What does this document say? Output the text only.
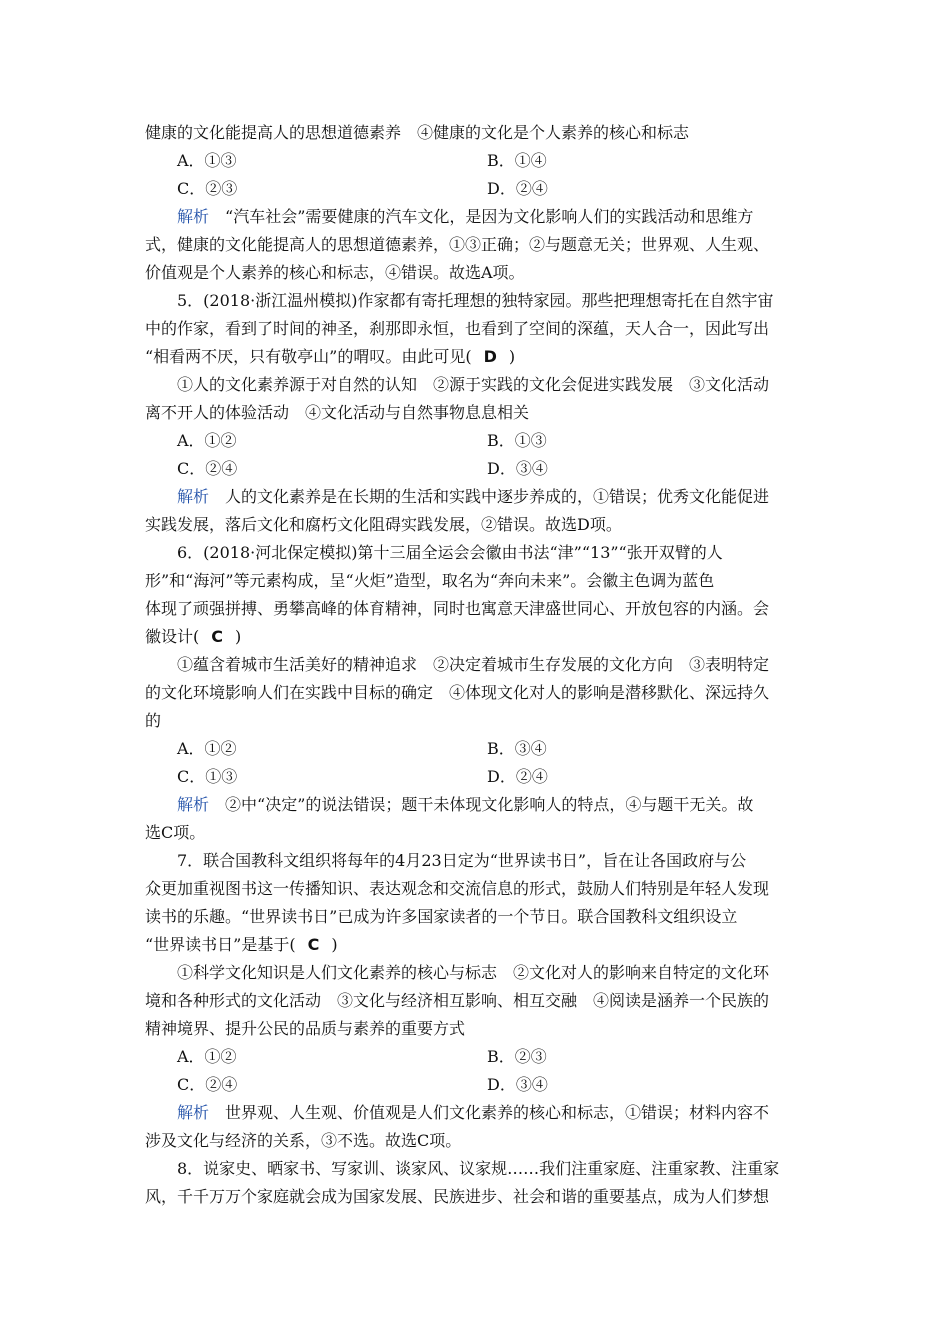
健康的文化能提高人的思想道德素养　④健康的文化是个人素养的核心和标志
A．①③	B．①④
C．②③	D．②④
解析　 “汽车社会”需要健康的汽车文化，是因为文化影响人们的实践活动和思维方
式，健康的文化能提高人的思想道德素养，①③正确；②与题意无关；世界观、人生观、
价值观是个人素养的核心和标志，④错误。故选A项。
5．(2018·浙江温州模拟)作家都有寄托理想的独特家园。那些把理想寄托在自然宇宙
中的作家，看到了时间的神圣，刹那即永恒，也看到了空间的深蕴，天人合一，因此写出
“相看两不厌，只有敬亭山”的喟叹。由此可见( D )
①人的文化素养源于对自然的认知　②源于实践的文化会促进实践发展　③文化活动
离不开人的体验活动　④文化活动与自然事物息息相关
A．①②	B．①③
C．②④	D．③④
解析　 人的文化素养是在长期的生活和实践中逐步养成的，①错误；优秀文化能促进
实践发展，落后文化和腐朽文化阻碍实践发展，②错误。故选D项。
6．(2018·河北保定模拟)第十三届全运会会徽由书法“津”“13”“张开双臂的人
形”和“海河”等元素构成，呈“火炬”造型，取名为“奔向未来”。会徽主色调为蓝色
体现了顽强拼搏、勇攀高峰的体育精神，同时也寓意天津盛世同心、开放包容的内涵。会
徽设计( C )
①蕴含着城市生活美好的精神追求　②决定着城市生存发展的文化方向　③表明特定
的文化环境影响人们在实践中目标的确定　④体现文化对人的影响是潜移默化、深远持久
的
A．①②	B．③④
C．①③	D．②④
解析　 ②中“决定”的说法错误；题干未体现文化影响人的特点，④与题干无关。故
选C项。
7．联合国教科文组织将每年的4月23日定为“世界读书日”，旨在让各国政府与公
众更加重视图书这一传播知识、表达观念和交流信息的形式，鼓励人们特别是年轻人发现
读书的乐趣。“世界读书日”已成为许多国家读者的一个节日。联合国教科文组织设立
“世界读书日”是基于( C )
①科学文化知识是人们文化素养的核心与标志　②文化对人的影响来自特定的文化环
境和各种形式的文化活动　③文化与经济相互影响、相互交融　④阅读是涵养一个民族的
精神境界、提升公民的品质与素养的重要方式
A．①②	B．②③
C．②④	D．③④
解析　 世界观、人生观、价值观是人们文化素养的核心和标志，①错误；材料内容不
涉及文化与经济的关系，③不选。故选C项。
8．说家史、晒家书、写家训、谈家风、议家规……我们注重家庭、注重家教、注重家
风，千千万万个家庭就会成为国家发展、民族进步、社会和谐的重要基点，成为人们梦想
